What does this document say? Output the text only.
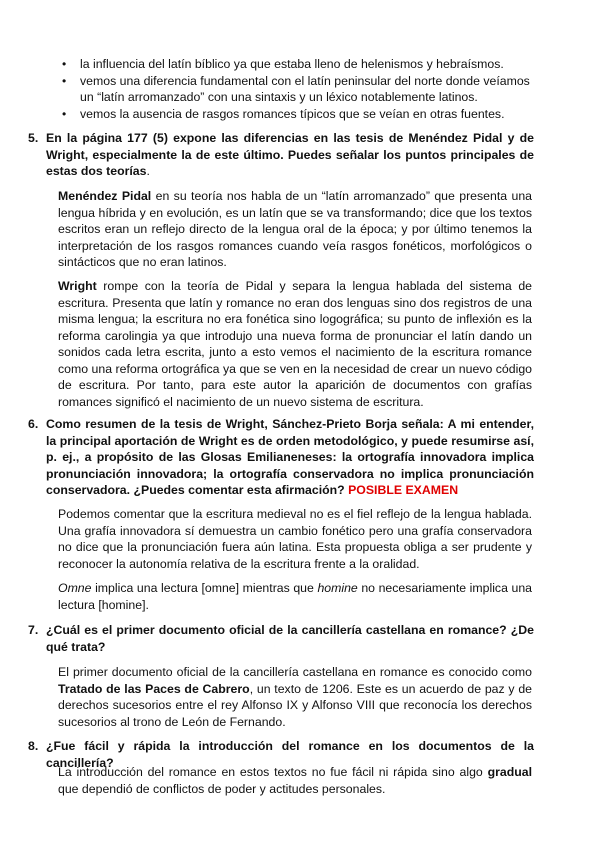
• la influencia del latín bíblico ya que estaba lleno de helenismos y hebraísmos.
• vemos una diferencia fundamental con el latín peninsular del norte donde veíamos un “latín arromanzado” con una sintaxis y un léxico notablemente latinos.
• vemos la ausencia de rasgos romances típicos que se veían en otras fuentes.
5. En la página 177 (5) expone las diferencias en las tesis de Menéndez Pidal y de Wright, especialmente la de este último. Puedes señalar los puntos principales de estas dos teorías.

Menéndez Pidal en su teoría nos habla de un “latín arromanzado” que presenta una lengua híbrida y en evolución, es un latín que se va transformando; dice que los textos escritos eran un reflejo directo de la lengua oral de la época; y por último tenemos la interpretación de los rasgos romances cuando veía rasgos fonéticos, morfológicos o sintácticos que no eran latinos.

Wright rompe con la teoría de Pidal y separa la lengua hablada del sistema de escritura. Presenta que latín y romance no eran dos lenguas sino dos registros de una misma lengua; la escritura no era fonética sino logográfica; su punto de inflexión es la reforma carolingia ya que introdujo una nueva forma de pronunciar el latín dando un sonidos cada letra escrita, junto a esto vemos el nacimiento de la escritura romance como una reforma ortográfica ya que se ven en la necesidad de crear un nuevo código de escritura. Por tanto, para este autor la aparición de documentos con grafías romances significó el nacimiento de un nuevo sistema de escritura.

6. Como resumen de la tesis de Wright, Sánchez-Prieto Borja señala: A mi entender, la principal aportación de Wright es de orden metodológico, y puede resumirse así, p. ej., a propósito de las Glosas Emilianeneses: la ortografía innovadora implica pronunciación innovadora; la ortografía conservadora no implica pronunciación conservadora. ¿Puedes comentar esta afirmación? POSIBLE EXAMEN

Podemos comentar que la escritura medieval no es el fiel reflejo de la lengua hablada. Una grafía innovadora sí demuestra un cambio fonético pero una grafía conservadora no dice que la pronunciación fuera aún latina. Esta propuesta obliga a ser prudente y reconocer la autonomía relativa de la escritura frente a la oralidad.

Omne implica una lectura [omne] mientras que homine no necesariamente implica una lectura [homine].

7. ¿Cuál es el primer documento oficial de la cancillería castellana en romance? ¿De qué trata?

El primer documento oficial de la cancillería castellana en romance es conocido como Tratado de las Paces de Cabrero, un texto de 1206. Este es un acuerdo de paz y de derechos sucesorios entre el rey Alfonso IX y Alfonso VIII que reconocía los derechos sucesorios al trono de León de Fernando.

8. ¿Fue fácil y rápida la introducción del romance en los documentos de la cancillería?

La introducción del romance en estos textos no fue fácil ni rápida sino algo gradual que dependió de conflictos de poder y actitudes personales.
